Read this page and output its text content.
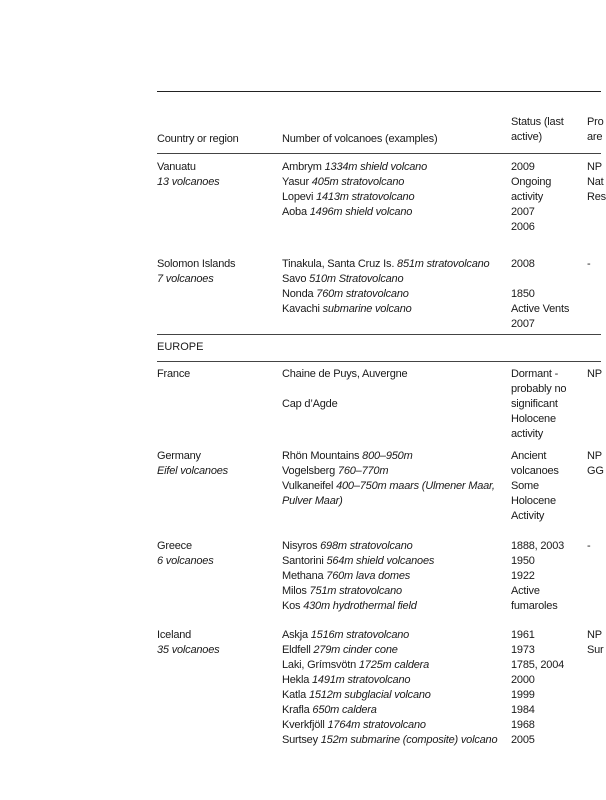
Country or region	Number of volcanoes (examples)
Status (last
active)
Pro
are
Vanuatu
13 volcanoes
Ambrym 1334m shield volcano
Yasur 405m stratovolcano
Lopevi 1413m stratovolcano
Aoba 1496m shield volcano
2009
Ongoing
activity
2007
2006
NP
Nat
Res
Solomon Islands
7 volcanoes
Tinakula, Santa Cruz Is. 851m stratovolcano
Savo 510m Stratovolcano
Nonda 760m stratovolcano
Kavachi submarine volcano
2008
1850
Active Vents
2007
-
EUROPE
France	Chaine de Puys, Auvergne
Cap d’Agde
Dormant -
probably no
significant
Holocene
activity
NP
Germany
Eifel volcanoes
Rhön Mountains 800–950m
Vogelsberg 760–770m
Vulkaneifel 400–750m maars (Ulmener Maar,
Pulver Maar)
Ancient
volcanoes
Some
Holocene
Activity
NP
GG
Greece
6 volcanoes
Nisyros 698m stratovolcano
Santorini 564m shield volcanoes
Methana 760m lava domes
Milos 751m stratovolcano
Kos 430m hydrothermal field
1888, 2003
1950
1922
Active
fumaroles
-
Iceland
35 volcanoes
Askja 1516m stratovolcano
Eldfell 279m cinder cone
Laki, Grímsvötn 1725m caldera
Hekla 1491m stratovolcano
Katla 1512m subglacial volcano
Krafla 650m caldera
Kverkfjöll 1764m stratovolcano
Surtsey 152m submarine (composite) volcano
1961
1973
1785, 2004
2000
1999
1984
1968
2005
NP
Sur
